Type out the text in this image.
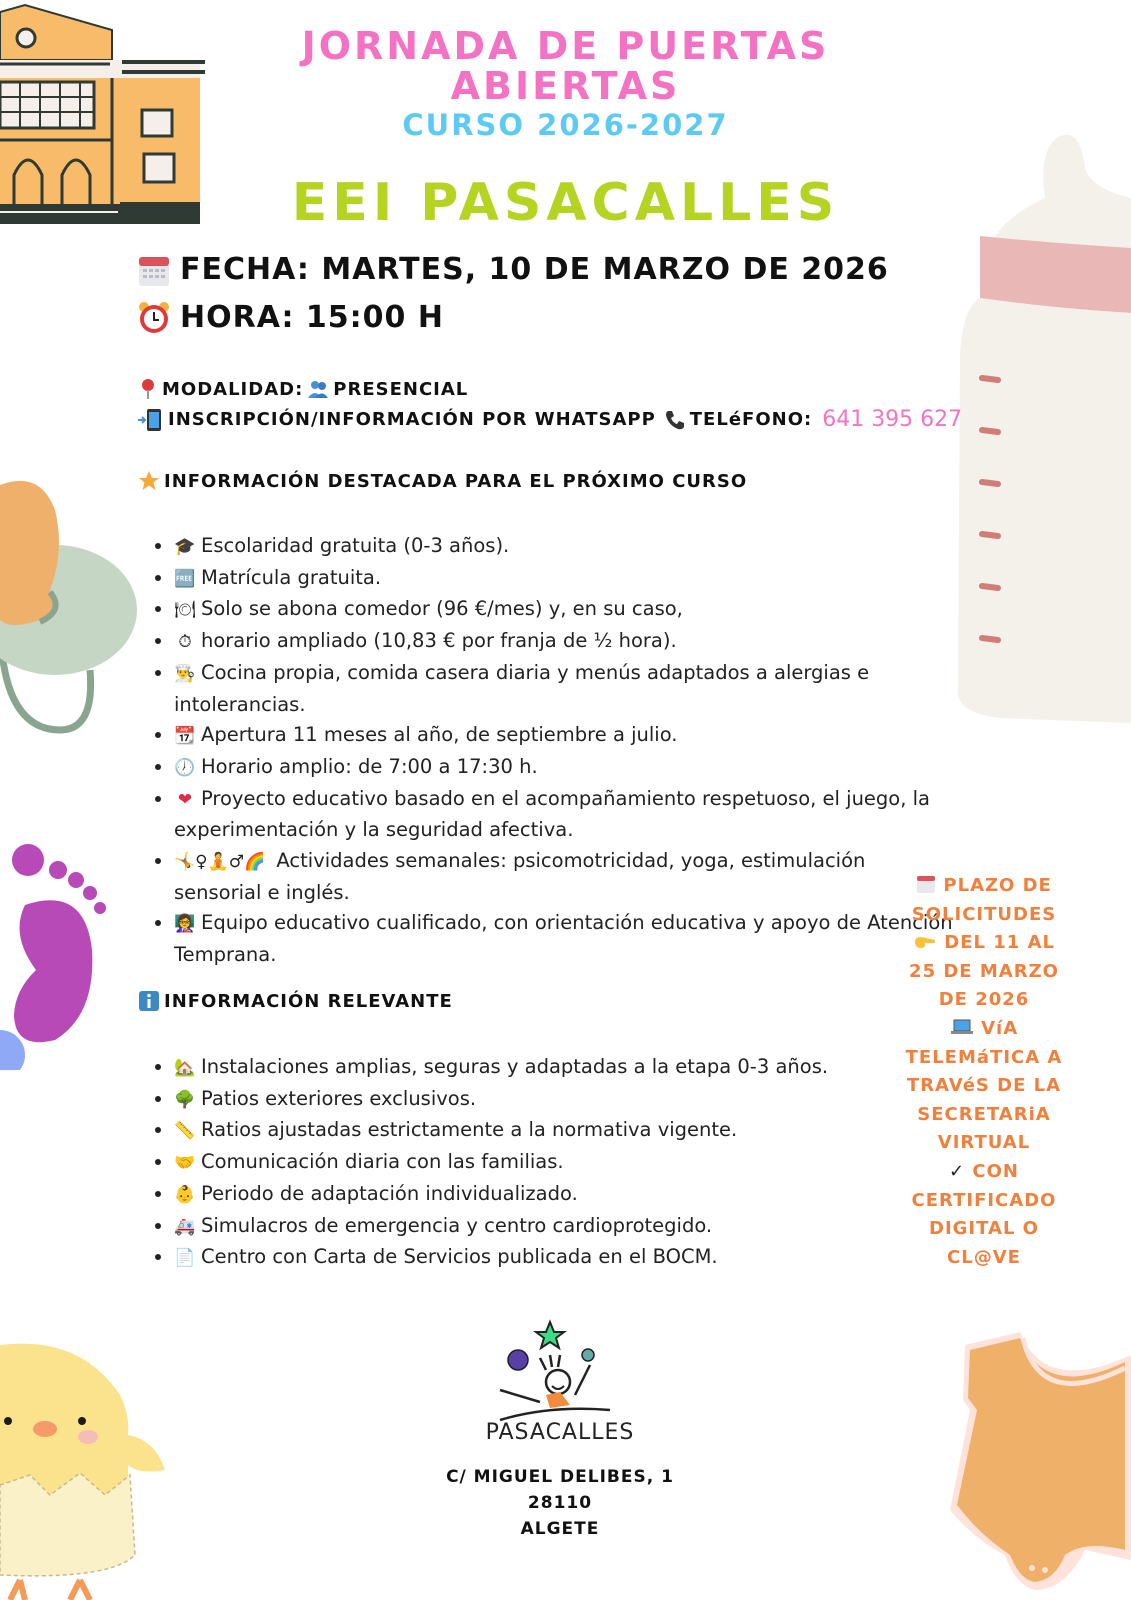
JORNADA DE PUERTAS
ABIERTAS
CURSO 2026-2027
EEI PASACALLES
FECHA: MARTES, 10 DE MARZO DE 2026
HORA: 15:00 H
MODALIDAD: PRESENCIAL
INSCRIPCIÓN/INFORMACIÓN POR WHATSAPP TELéFONO: 641 395 627
INFORMACIÓN DESTACADA PARA EL PRÓXIMO CURSO
• 🎓 Escolaridad gratuita (0-3 años).
• 🆓 Matrícula gratuita.
• 🍽 Solo se abona comedor (96 €/mes) y, en su caso,
• ⏱ horario ampliado (10,83 € por franja de ½ hora).
• 👨‍🍳 Cocina propia, comida casera diaria y menús adaptados a alergias e intolerancias.
• 📆 Apertura 11 meses al año, de septiembre a julio.
• 🕖 Horario amplio: de 7:00 a 17:30 h.
• ❤ Proyecto educativo basado en el acompañamiento respetuoso, el juego, la experimentación y la seguridad afectiva.
• 🤸♀🧘♂🌈 Actividades semanales: psicomotricidad, yoga, estimulación sensorial e inglés.
• 👩‍🏫 Equipo educativo cualificado, con orientación educativa y apoyo de Atención Temprana.
INFORMACIÓN RELEVANTE
• 🏡 Instalaciones amplias, seguras y adaptadas a la etapa 0-3 años.
• 🌳 Patios exteriores exclusivos.
• 📏 Ratios ajustadas estrictamente a la normativa vigente.
• 🤝 Comunicación diaria con las familias.
• 👶 Periodo de adaptación individualizado.
• 🚑 Simulacros de emergencia y centro cardioprotegido.
• 📄 Centro con Carta de Servicios publicada en el BOCM.
PLAZO DE SOLICITUDES
DEL 11 AL 25 DE MARZO DE 2026
VíA TELEMáTICA A TRAVéS DE LA SECRETARiA VIRTUAL
✓ CON CERTIFICADO DIGITAL O CL@VE
PASACALLES
C/ MIGUEL DELIBES, 1
28110
ALGETE
